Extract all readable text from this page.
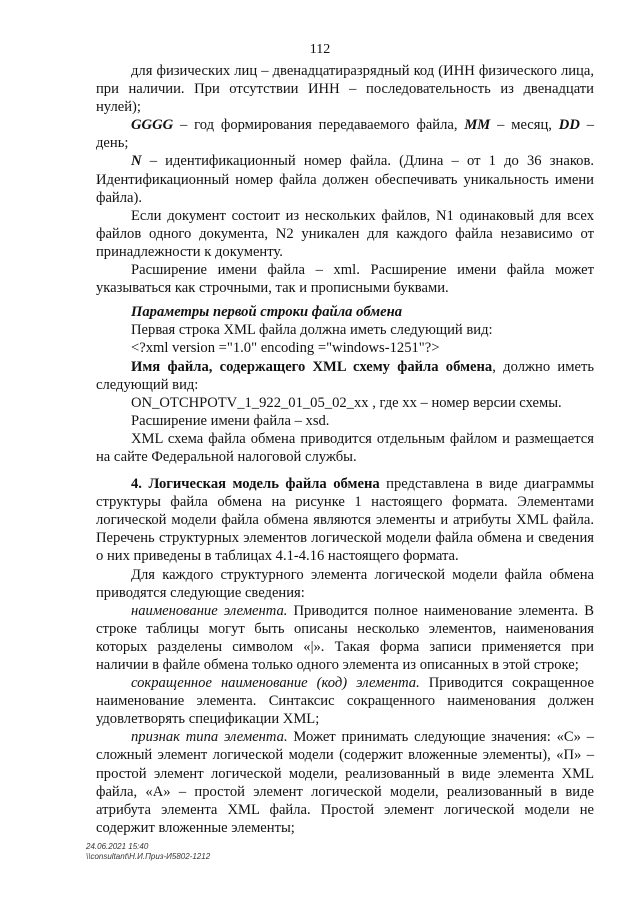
112

для физических лиц – двенадцатиразрядный код (ИНН физического лица, при наличии. При отсутствии ИНН – последовательность из двенадцати нулей);

GGGG – год формирования передаваемого файла, MM – месяц, DD – день;

N – идентификационный номер файла. (Длина – от 1 до 36 знаков. Идентификационный номер файла должен обеспечивать уникальность имени файла).

Если документ состоит из нескольких файлов, N1 одинаковый для всех файлов одного документа, N2 уникален для каждого файла независимо от принадлежности к документу.

Расширение имени файла – xml. Расширение имени файла может указываться как строчными, так и прописными буквами.

Параметры первой строки файла обмена

Первая строка XML файла должна иметь следующий вид:

<?xml version ="1.0" encoding ="windows-1251"?>

Имя файла, содержащего XML схему файла обмена, должно иметь следующий вид:

ON_OTCHPOTV_1_922_01_05_02_xx , где хх – номер версии схемы.

Расширение имени файла – xsd.

XML схема файла обмена приводится отдельным файлом и размещается на сайте Федеральной налоговой службы.

4. Логическая модель файла обмена представлена в виде диаграммы структуры файла обмена на рисунке 1 настоящего формата. Элементами логической модели файла обмена являются элементы и атрибуты XML файла. Перечень структурных элементов логической модели файла обмена и сведения о них приведены в таблицах 4.1-4.16 настоящего формата.

Для каждого структурного элемента логической модели файла обмена приводятся следующие сведения:

наименование элемента. Приводится полное наименование элемента. В строке таблицы могут быть описаны несколько элементов, наименования которых разделены символом «|». Такая форма записи применяется при наличии в файле обмена только одного элемента из описанных в этой строке;

сокращенное наименование (код) элемента. Приводится сокращенное наименование элемента. Синтаксис сокращенного наименования должен удовлетворять спецификации XML;

признак типа элемента. Может принимать следующие значения: «С» – сложный элемент логической модели (содержит вложенные элементы), «П» – простой элемент логической модели, реализованный в виде элемента XML файла, «А» – простой элемент логической модели, реализованный в виде атрибута элемента XML файла. Простой элемент логической модели не содержит вложенные элементы;

24.06.2021 15:40
\\consultant\Н.И.Приз-И5802-1212
